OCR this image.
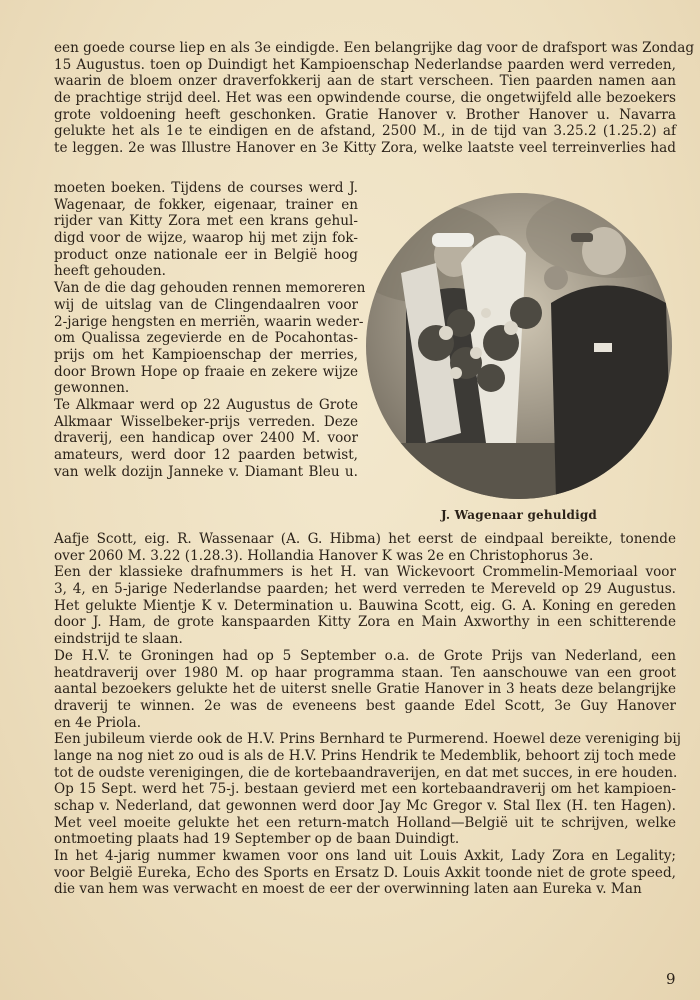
een goede course liep en als 3e eindigde. Een belangrijke dag voor de drafsport was Zondag
15 Augustus. toen op Duindigt het Kampioenschap Nederlandse paarden werd verreden,
waarin de bloem onzer draverfokkerij aan de start verscheen. Tien paarden namen aan
de prachtige strijd deel. Het was een opwindende course, die ongetwijfeld alle bezoekers
grote voldoening heeft geschonken. Gratie Hanover v. Brother Hanover u. Navarra
gelukte het als 1e te eindigen en de afstand, 2500 M., in de tijd van 3.25.2 (1.25.2) af
te leggen. 2e was Illustre Hanover en 3e Kitty Zora, welke laatste veel terreinverlies had
moeten boeken. Tijdens de courses werd J.
Wagenaar, de fokker, eigenaar, trainer en
rijder van Kitty Zora met een krans gehul-
digd voor de wijze, waarop hij met zijn fok-
product onze nationale eer in België hoog
heeft gehouden.
Van de die dag gehouden rennen memoreren
wij de uitslag van de Clingendaalren voor
2-jarige hengsten en merriën, waarin weder-
om Qualissa zegevierde en de Pocahontas-
prijs om het Kampioenschap der merries,
door Brown Hope op fraaie en zekere wijze
gewonnen.
Te Alkmaar werd op 22 Augustus de Grote
Alkmaar Wisselbeker-prijs verreden. Deze
draverij, een handicap over 2400 M. voor
amateurs, werd door 12 paarden betwist,
van welk dozijn Janneke v. Diamant Bleu u.
J. Wagenaar gehuldigd
Aafje Scott, eig. R. Wassenaar (A. G. Hibma) het eerst de eindpaal bereikte, tonende
over 2060 M. 3.22 (1.28.3). Hollandia Hanover K was 2e en Christophorus 3e.
Een der klassieke drafnummers is het H. van Wickevoort Crommelin-Memoriaal voor
3, 4, en 5-jarige Nederlandse paarden; het werd verreden te Mereveld op 29 Augustus.
Het gelukte Mientje K v. Determination u. Bauwina Scott, eig. G. A. Koning en gereden
door J. Ham, de grote kanspaarden Kitty Zora en Main Axworthy in een schitterende
eindstrijd te slaan.
De H.V. te Groningen had op 5 September o.a. de Grote Prijs van Nederland, een
heatdraverij over 1980 M. op haar programma staan. Ten aanschouwe van een groot
aantal bezoekers gelukte het de uiterst snelle Gratie Hanover in 3 heats deze belangrijke
draverij te winnen. 2e was de eveneens best gaande Edel Scott, 3e Guy Hanover
en 4e Priola.
Een jubileum vierde ook de H.V. Prins Bernhard te Purmerend. Hoewel deze vereniging bij
lange na nog niet zo oud is als de H.V. Prins Hendrik te Medemblik, behoort zij toch mede
tot de oudste verenigingen, die de kortebaandraverijen, en dat met succes, in ere houden.
Op 15 Sept. werd het 75-j. bestaan gevierd met een kortebaandraverij om het kampioen-
schap v. Nederland, dat gewonnen werd door Jay Mc Gregor v. Stal Ilex (H. ten Hagen).
Met veel moeite gelukte het een return-match Holland—België uit te schrijven, welke
ontmoeting plaats had 19 September op de baan Duindigt.
In het 4-jarig nummer kwamen voor ons land uit Louis Axkit, Lady Zora en Legality;
voor België Eureka, Echo des Sports en Ersatz D. Louis Axkit toonde niet de grote speed,
die van hem was verwacht en moest de eer der overwinning laten aan Eureka v. Man
9
